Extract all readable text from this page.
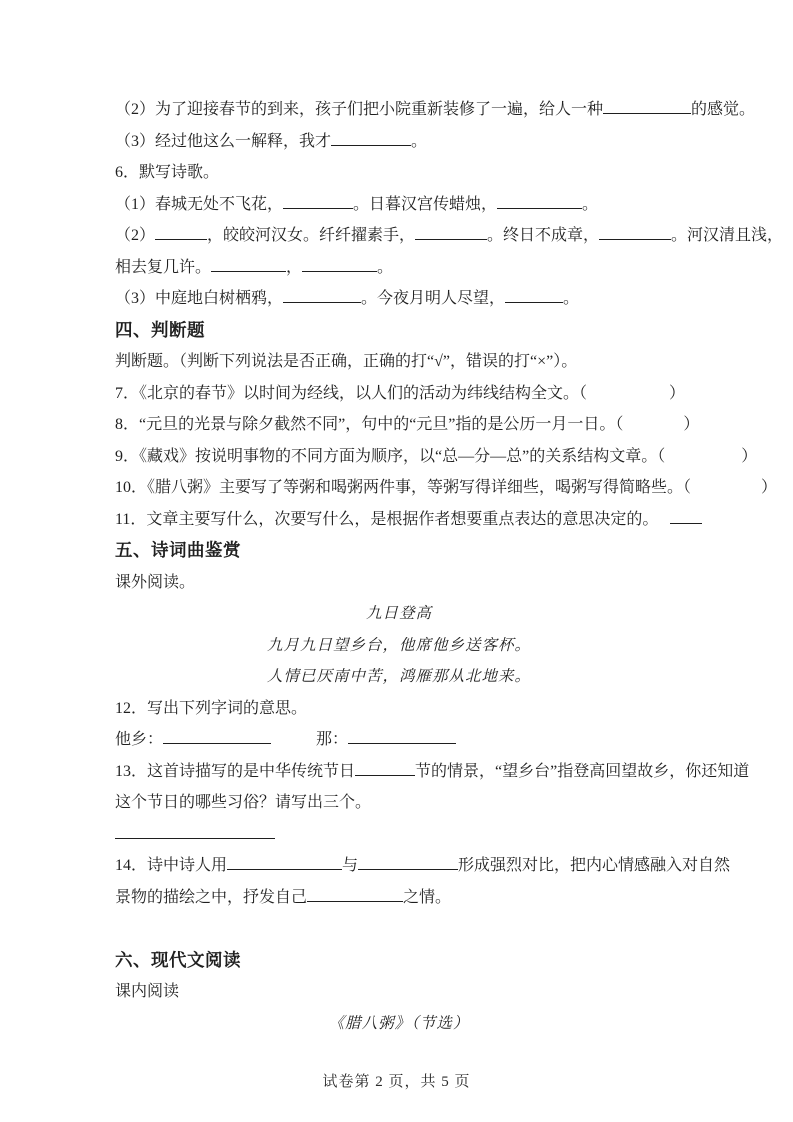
（2）为了迎接春节的到来，孩子们把小院重新装修了一遍，给人一种	的感觉。
（3）经过他这么一解释，我才	。
6．默写诗歌。
（1）春城无处不飞花，	。日暮汉宫传蜡烛，	。
（2）	，皎皎河汉女。纤纤擢素手，	。终日不成章，	。河汉清且浅，
相去复几许。	，	。
（3）中庭地白树栖鸦，	。今夜月明人尽望，	。
四、判断题
判断题。（判断下列说法是否正确，正确的打“√”，错误的打“×”）。
7．《北京的春节》以时间为经线，以人们的活动为纬线结构全文。（	）
8．“元旦的光景与除夕截然不同”，句中的“元旦”指的是公历一月一日。（	）
9．《藏戏》按说明事物的不同方面为顺序，以“总—分—总”的关系结构文章。（	）
10．《腊八粥》主要写了等粥和喝粥两件事，等粥写得详细些，喝粥写得简略些。（	）
11．文章主要写什么，次要写什么，是根据作者想要重点表达的意思决定的。
五、诗词曲鉴赏
课外阅读。
九日登高
九月九日望乡台，他席他乡送客杯。
人情已厌南中苦，鸿雁那从北地来。
12．写出下列字词的意思。
他乡：	那：
13．这首诗描写的是中华传统节日	节的情景，“望乡台”指登高回望故乡，你还知道
这个节日的哪些习俗？请写出三个。
14．诗中诗人用	与	形成强烈对比，把内心情感融入对自然
景物的描绘之中，抒发自己	之情。
六、现代文阅读
课内阅读
《腊八粥》（节选）
试卷第 2 页，共 5 页
